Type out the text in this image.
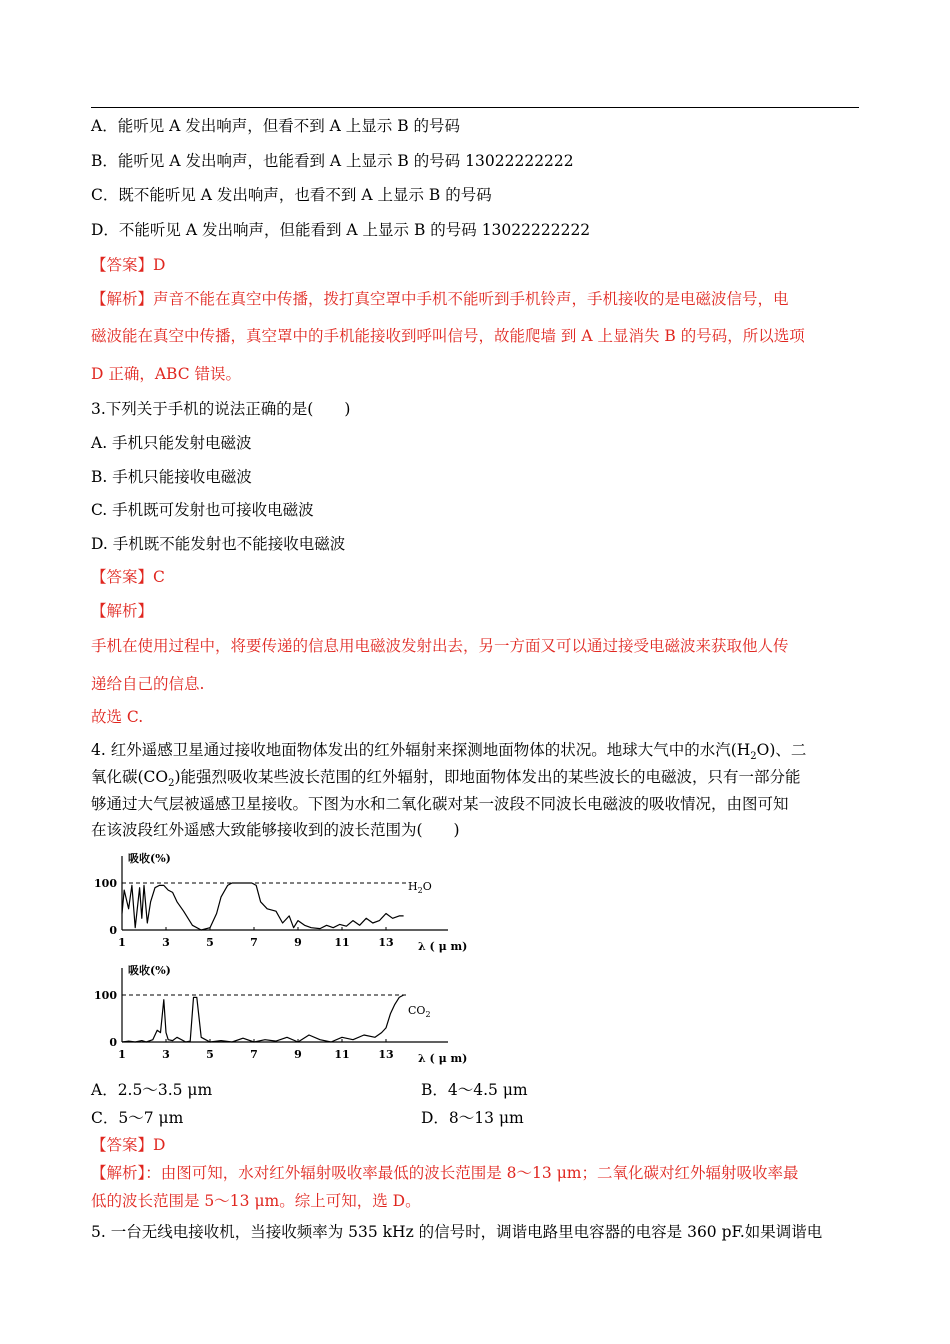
A．能听见 A 发出响声，但看不到 A 上显示 B 的号码
B．能听见 A 发出响声，也能看到 A 上显示 B 的号码 13022222222
C．既不能听见 A 发出响声，也看不到 A 上显示 B 的号码
D．不能听见 A 发出响声，但能看到 A 上显示 B 的号码 13022222222
【答案】D
【解析】声音不能在真空中传播，拨打真空罩中手机不能听到手机铃声，手机接收的是电磁波信号，电
磁波能在真空中传播，真空罩中的手机能接收到呼叫信号，故能爬墙 到 A 上显消失 B 的号码，所以选项
D 正确，ABC 错误。
3.下列关于手机的说法正确的是(　　)
A. 手机只能发射电磁波
B. 手机只能接收电磁波
C. 手机既可发射也可接收电磁波
D. 手机既不能发射也不能接收电磁波
【答案】C
【解析】
手机在使用过程中，将要传递的信息用电磁波发射出去，另一方面又可以通过接受电磁波来获取他人传
递给自己的信息.
故选 C.
4. 红外遥感卫星通过接收地面物体发出的红外辐射来探测地面物体的状况。地球大气中的水汽$(H_2O)$、二
氧化碳$(CO_2)$能强烈吸收某些波长范围的红外辐射，即地面物体发出的某些波长的电磁波，只有一部分能
够通过大气层被遥感卫星接收。下图为水和二氧化碳对某一波段不同波长电磁波的吸收情况，由图可知
在该波段红外遥感大致能够接收到的波长范围为(　　)
吸收(%)
0
100
1	3	5	7	9	11	13 λ ( μ m)
$H_2O$
吸收(%)
0
100
1	3	5	7	9	11	13 λ ( μ m)
$CO_2$
A．2.5～3.5 μm	B．4～4.5 μm
C．5～7 μm	D．8～13 μm
【答案】D
【解析】：由图可知，水对红外辐射吸收率最低的波长范围是 8～13 μm；二氧化碳对红外辐射吸收率最
低的波长范围是 5～13 μm。综上可知，选 D。
5. 一台无线电接收机，当接收频率为 535 kHz 的信号时，调谐电路里电容器的电容是 360 pF.如果调谐电
